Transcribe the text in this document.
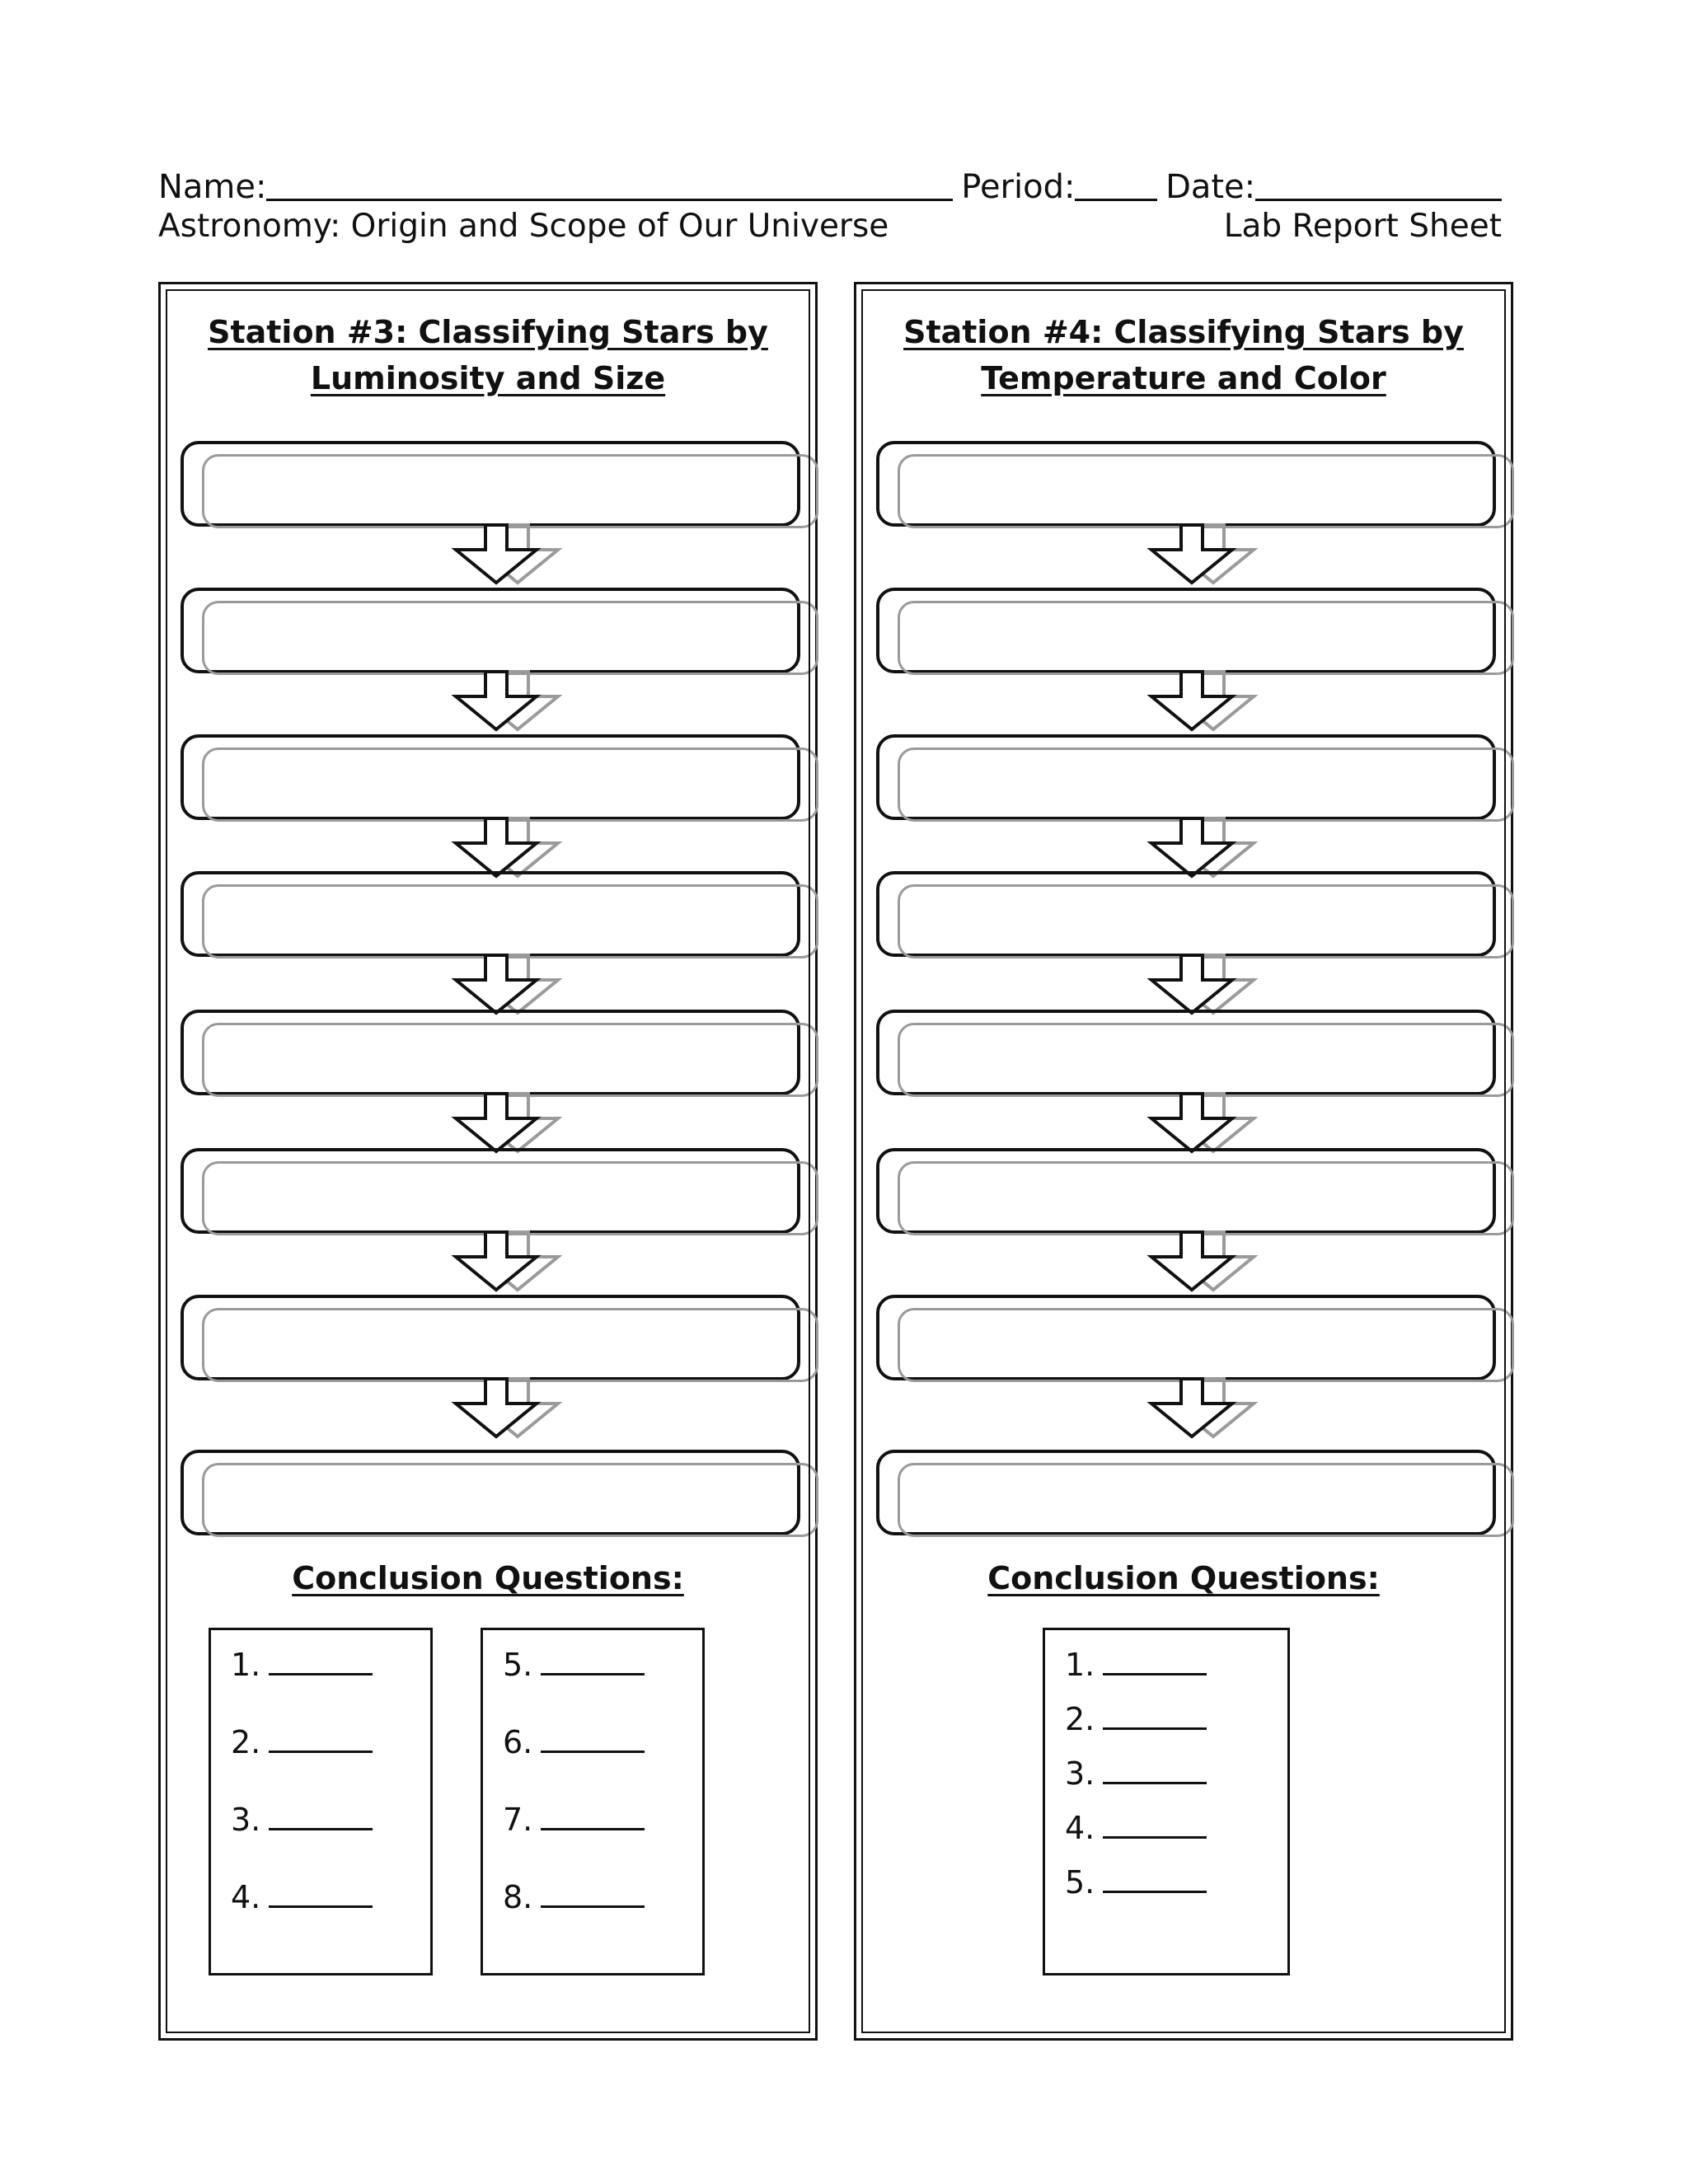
Name:	Period:	Date:
Astronomy: Origin and Scope of Our Universe	Lab Report Sheet
Station #3: Classifying Stars by
Luminosity and Size
Conclusion Questions:
1.
2.
3.
4.
5.
6.
7.
8.
Station #4: Classifying Stars by
Temperature and Color
Conclusion Questions:
1.
2.
3.
4.
5.
